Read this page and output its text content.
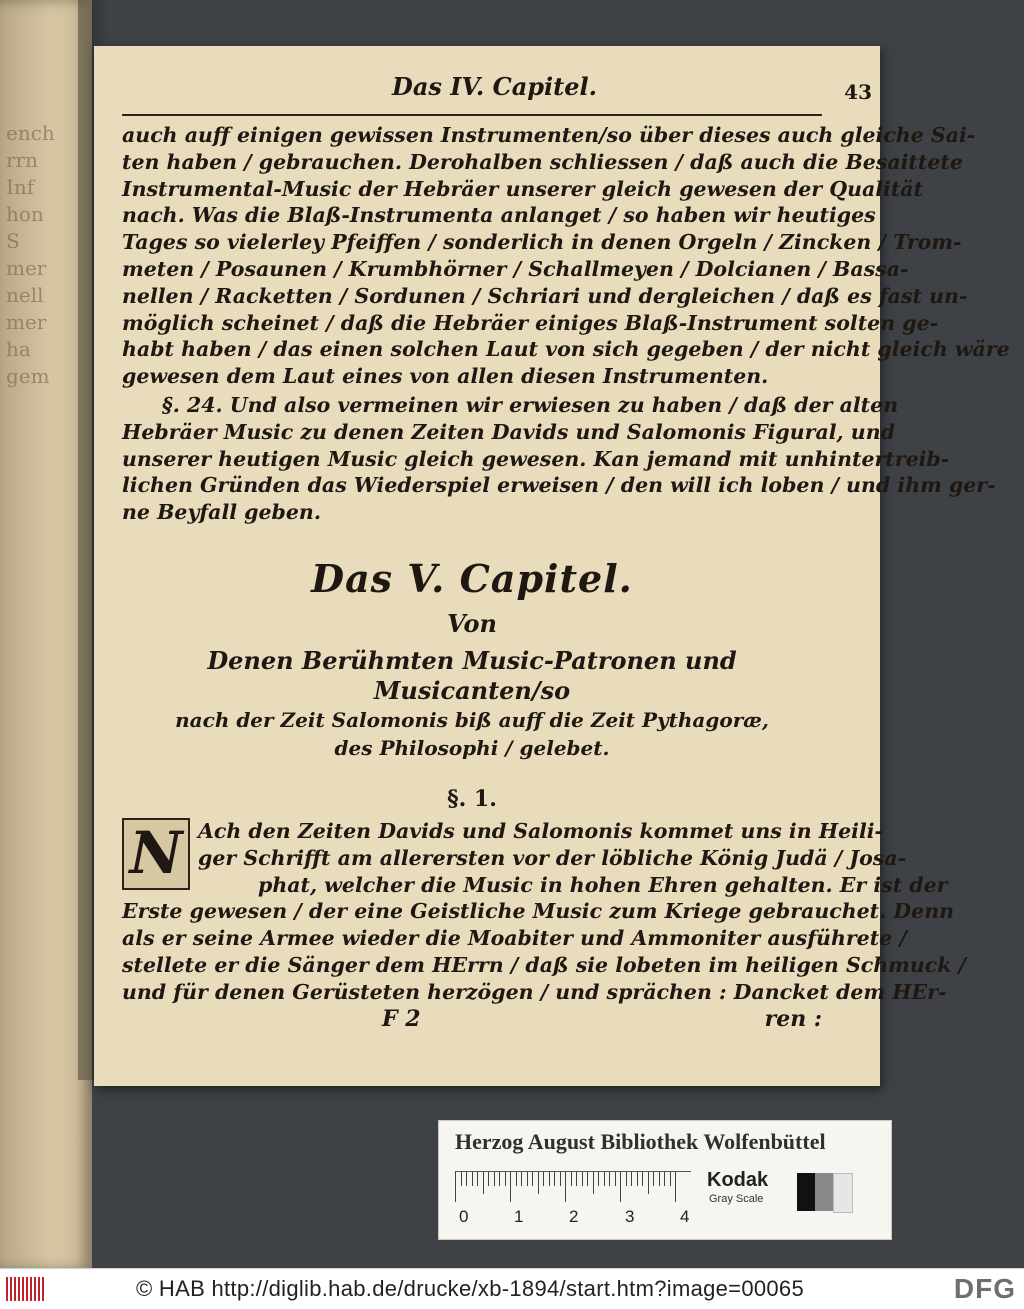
ench
rrn
Inf
hon
S
mer
nell
mer
ha
gem
Das IV. Capitel.	43
auch auff einigen gewissen Instrumenten/so über dieses auch gleiche Sai-
ten haben / gebrauchen. Derohalben schliessen / daß auch die Besaittete
Instrumental-Music der Hebräer unserer gleich gewesen der Qualität
nach. Was die Blaß-Instrumenta anlanget / so haben wir heutiges
Tages so vielerley Pfeiffen / sonderlich in denen Orgeln / Zincken / Trom-
meten / Posaunen / Krumbhörner / Schallmeyen / Dolcianen / Bassa-
nellen / Racketten / Sordunen / Schriari und dergleichen / daß es fast un-
möglich scheinet / daß die Hebräer einiges Blaß-Instrument solten ge-
habt haben / das einen solchen Laut von sich gegeben / der nicht gleich wäre
gewesen dem Laut eines von allen diesen Instrumenten.
§. 24. Und also vermeinen wir erwiesen zu haben / daß der alten
Hebräer Music zu denen Zeiten Davids und Salomonis Figural, und
unserer heutigen Music gleich gewesen. Kan jemand mit unhintertreib-
lichen Gründen das Wiederspiel erweisen / den will ich loben / und ihm ger-
ne Beyfall geben.
Das V. Capitel.
Von
Denen Berühmten Music-Patronen und Musicanten/so
nach der Zeit Salomonis biß auff die Zeit Pythagoræ,
des Philosophi / gelebet.
§. 1.
N Ach den Zeiten Davids und Salomonis kommet uns in Heili-
ger Schrifft am allerersten vor der löbliche König Judä / Josa-
phat, welcher die Music in hohen Ehren gehalten. Er ist der
Erste gewesen / der eine Geistliche Music zum Kriege gebrauchet. Denn
als er seine Armee wieder die Moabiter und Ammoniter ausführete /
stellete er die Sänger dem HErrn / daß sie lobeten im heiligen Schmuck /
und für denen Gerüsteten herzögen / und sprächen : Dancket dem HEr-
F 2	ren :
Herzog August Bibliothek Wolfenbüttel
0	1	2	3	4
Kodak
Gray Scale
© HAB http://diglib.hab.de/drucke/xb-1894/start.htm?image=00065	DFG
